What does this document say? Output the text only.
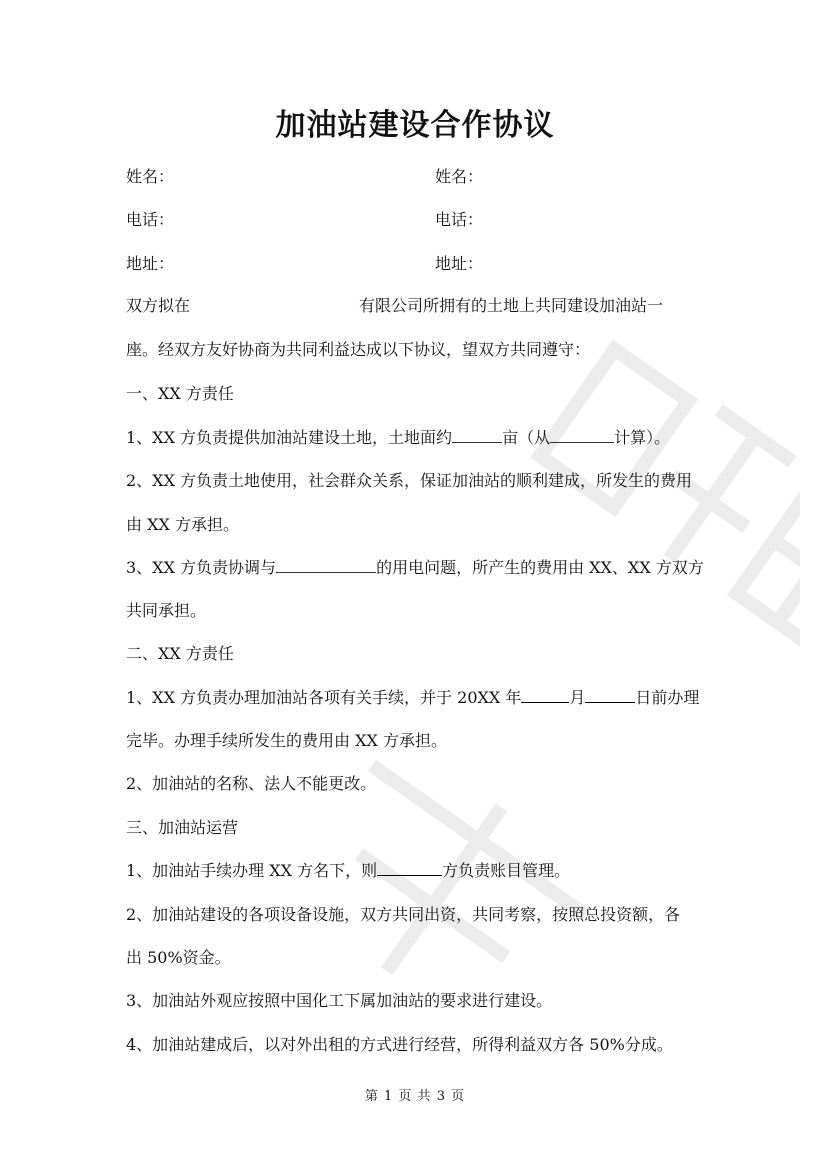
加油站建设合作协议
姓名：	姓名：
电话：	电话：
地址：	地址：
双方拟在	有限公司所拥有的土地上共同建设加油站一
座。经双方友好协商为共同利益达成以下协议，望双方共同遵守：
一、XX 方责任
1、XX 方负责提供加油站建设土地，土地面约	亩（从	计算）。
2、XX 方负责土地使用，社会群众关系，保证加油站的顺利建成，所发生的费用
由 XX 方承担。
3、XX 方负责协调与	的用电问题，所产生的费用由 XX、XX 方双方
共同承担。
二、XX 方责任
1、XX 方负责办理加油站各项有关手续，并于 20XX 年	月	日前办理
完毕。办理手续所发生的费用由 XX 方承担。
2、加油站的名称、法人不能更改。
三、加油站运营
1、加油站手续办理 XX 方名下，则	方负责账目管理。
2、加油站建设的各项设备设施，双方共同出资，共同考察，按照总投资额，各
出 50%资金。
3、加油站外观应按照中国化工下属加油站的要求进行建设。
4、加油站建成后，以对外出租的方式进行经营，所得利益双方各 50%分成。
第 1 页 共 3 页
